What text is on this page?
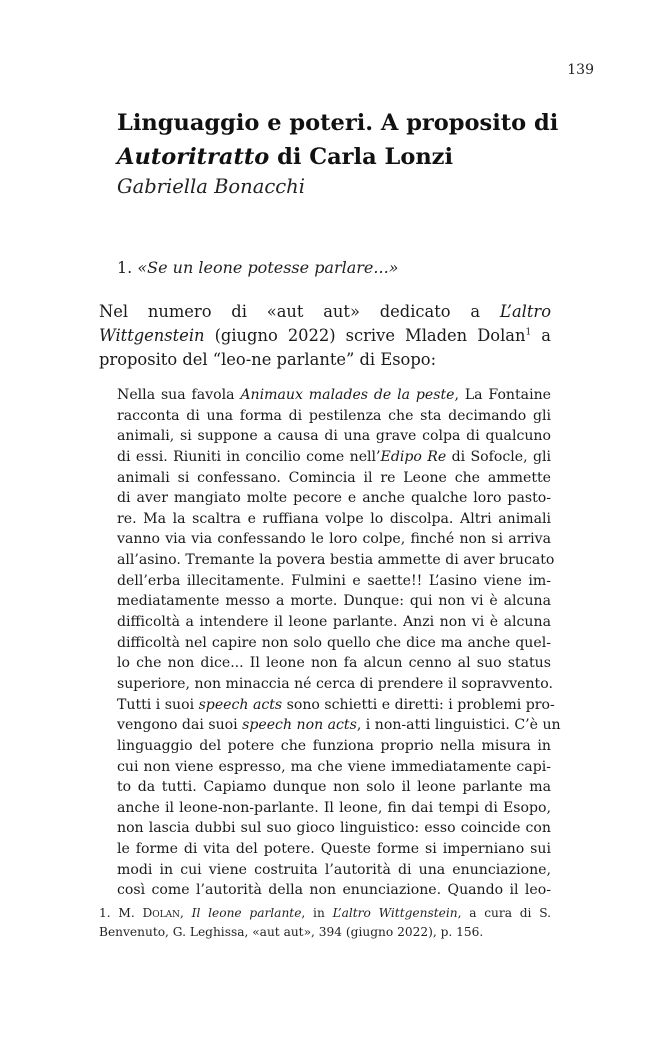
139
Linguaggio e poteri. A proposito di
Autoritratto di Carla Lonzi
Gabriella Bonacchi
1. «Se un leone potesse parlare...»

Nel numero di «aut aut» dedicato a L’altro Wittgenstein (giugno 2022) scrive Mladen Dolan$^1$ a proposito del “leo-ne parlante” di Esopo:

Nella sua favola Animaux malades de la peste, La Fontaine
racconta di una forma di pestilenza che sta decimando gli
animali, si suppone a causa di una grave colpa di qualcuno
di essi. Riuniti in concilio come nell’Edipo Re di Sofocle, gli
animali si confessano. Comincia il re Leone che ammette
di aver mangiato molte pecore e anche qualche loro pasto-
re. Ma la scaltra e ruffiana volpe lo discolpa. Altri animali
vanno via via confessando le loro colpe, finché non si arriva
all’asino. Tremante la povera bestia ammette di aver brucato
dell’erba illecitamente. Fulmini e saette!! L’asino viene im-
mediatamente messo a morte. Dunque: qui non vi è alcuna
difficoltà a intendere il leone parlante. Anzi non vi è alcuna
difficoltà nel capire non solo quello che dice ma anche quel-
lo che non dice... Il leone non fa alcun cenno al suo status
superiore, non minaccia né cerca di prendere il sopravvento.
Tutti i suoi speech acts sono schietti e diretti: i problemi pro-
vengono dai suoi speech non acts, i non-atti linguistici. C’è un
linguaggio del potere che funziona proprio nella misura in
cui non viene espresso, ma che viene immediatamente capi-
to da tutti. Capiamo dunque non solo il leone parlante ma
anche il leone-non-parlante. Il leone, fin dai tempi di Esopo,
non lascia dubbi sul suo gioco linguistico: esso coincide con
le forme di vita del potere. Queste forme si imperniano sui
modi in cui viene costruita l’autorità di una enunciazione,
così come l’autorità della non enunciazione. Quando il leo-
1. M. Dolan, Il leone parlante, in L’altro Wittgenstein, a cura di S. Benvenuto, G. Leghissa, «aut aut», 394 (giugno 2022), p. 156.
